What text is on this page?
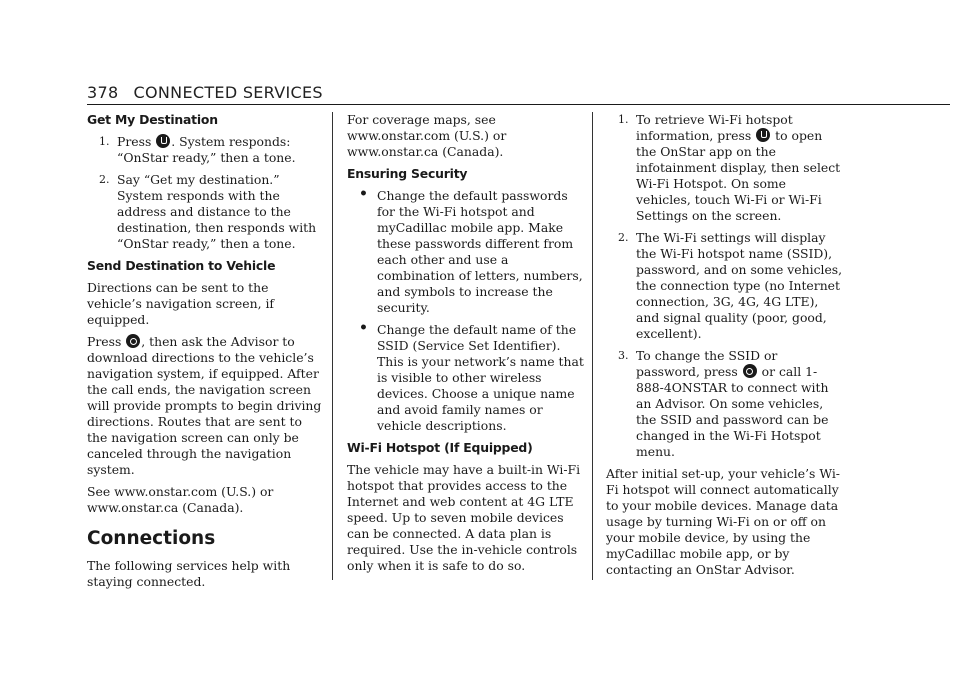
378 CONNECTED SERVICES
Get My Destination
1. Press . System responds: “OnStar ready,” then a tone.
2. Say “Get my destination.” System responds with the address and distance to the destination, then responds with “OnStar ready,” then a tone.
Send Destination to Vehicle

Directions can be sent to the vehicle’s navigation screen, if equipped.

Press , then ask the Advisor to download directions to the vehicle’s navigation system, if equipped. After the call ends, the navigation screen will provide prompts to begin driving directions. Routes that are sent to the navigation screen can only be canceled through the navigation system.

See www.onstar.com (U.S.) or www.onstar.ca (Canada).

Connections

The following services help with staying connected.

For coverage maps, see www.onstar.com (U.S.) or www.onstar.ca (Canada).

Ensuring Security
• Change the default passwords for the Wi-Fi hotspot and myCadillac mobile app. Make these passwords different from each other and use a combination of letters, numbers, and symbols to increase the security.
• Change the default name of the SSID (Service Set Identifier). This is your network’s name that is visible to other wireless devices. Choose a unique name and avoid family names or vehicle descriptions.
Wi-Fi Hotspot (If Equipped)

The vehicle may have a built-in Wi-Fi hotspot that provides access to the Internet and web content at 4G LTE speed. Up to seven mobile devices can be connected. A data plan is required. Use the in-vehicle controls only when it is safe to do so.

1. To retrieve Wi-Fi hotspot information, press to open the OnStar app on the infotainment display, then select Wi-Fi Hotspot. On some vehicles, touch Wi-Fi or Wi-Fi Settings on the screen.
2. The Wi-Fi settings will display the Wi-Fi hotspot name (SSID), password, and on some vehicles, the connection type (no Internet connection, 3G, 4G, 4G LTE), and signal quality (poor, good, excellent).
3. To change the SSID or password, press or call 1-888-4ONSTAR to connect with an Advisor. On some vehicles, the SSID and password can be changed in the Wi-Fi Hotspot menu.

After initial set-up, your vehicle’s Wi-Fi hotspot will connect automatically to your mobile devices. Manage data usage by turning Wi-Fi on or off on your mobile device, by using the myCadillac mobile app, or by contacting an OnStar Advisor.
